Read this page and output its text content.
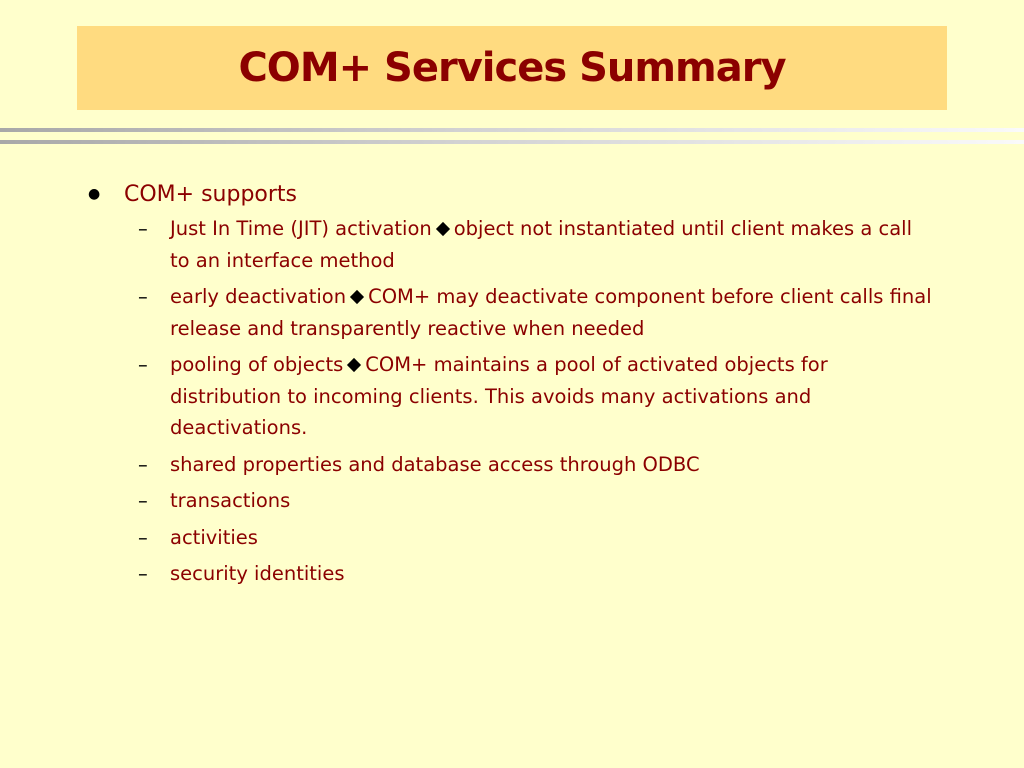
COM+ Services Summary
● COM+ supports
– Just In Time (JIT) activation object not instantiated until client makes a call to an interface method
– early deactivation COM+ may deactivate component before client calls final release and transparently reactive when needed
– pooling of objects COM+ maintains a pool of activated objects for distribution to incoming clients. This avoids many activations and deactivations.
– shared properties and database access through ODBC
– transactions
– activities
– security identities
